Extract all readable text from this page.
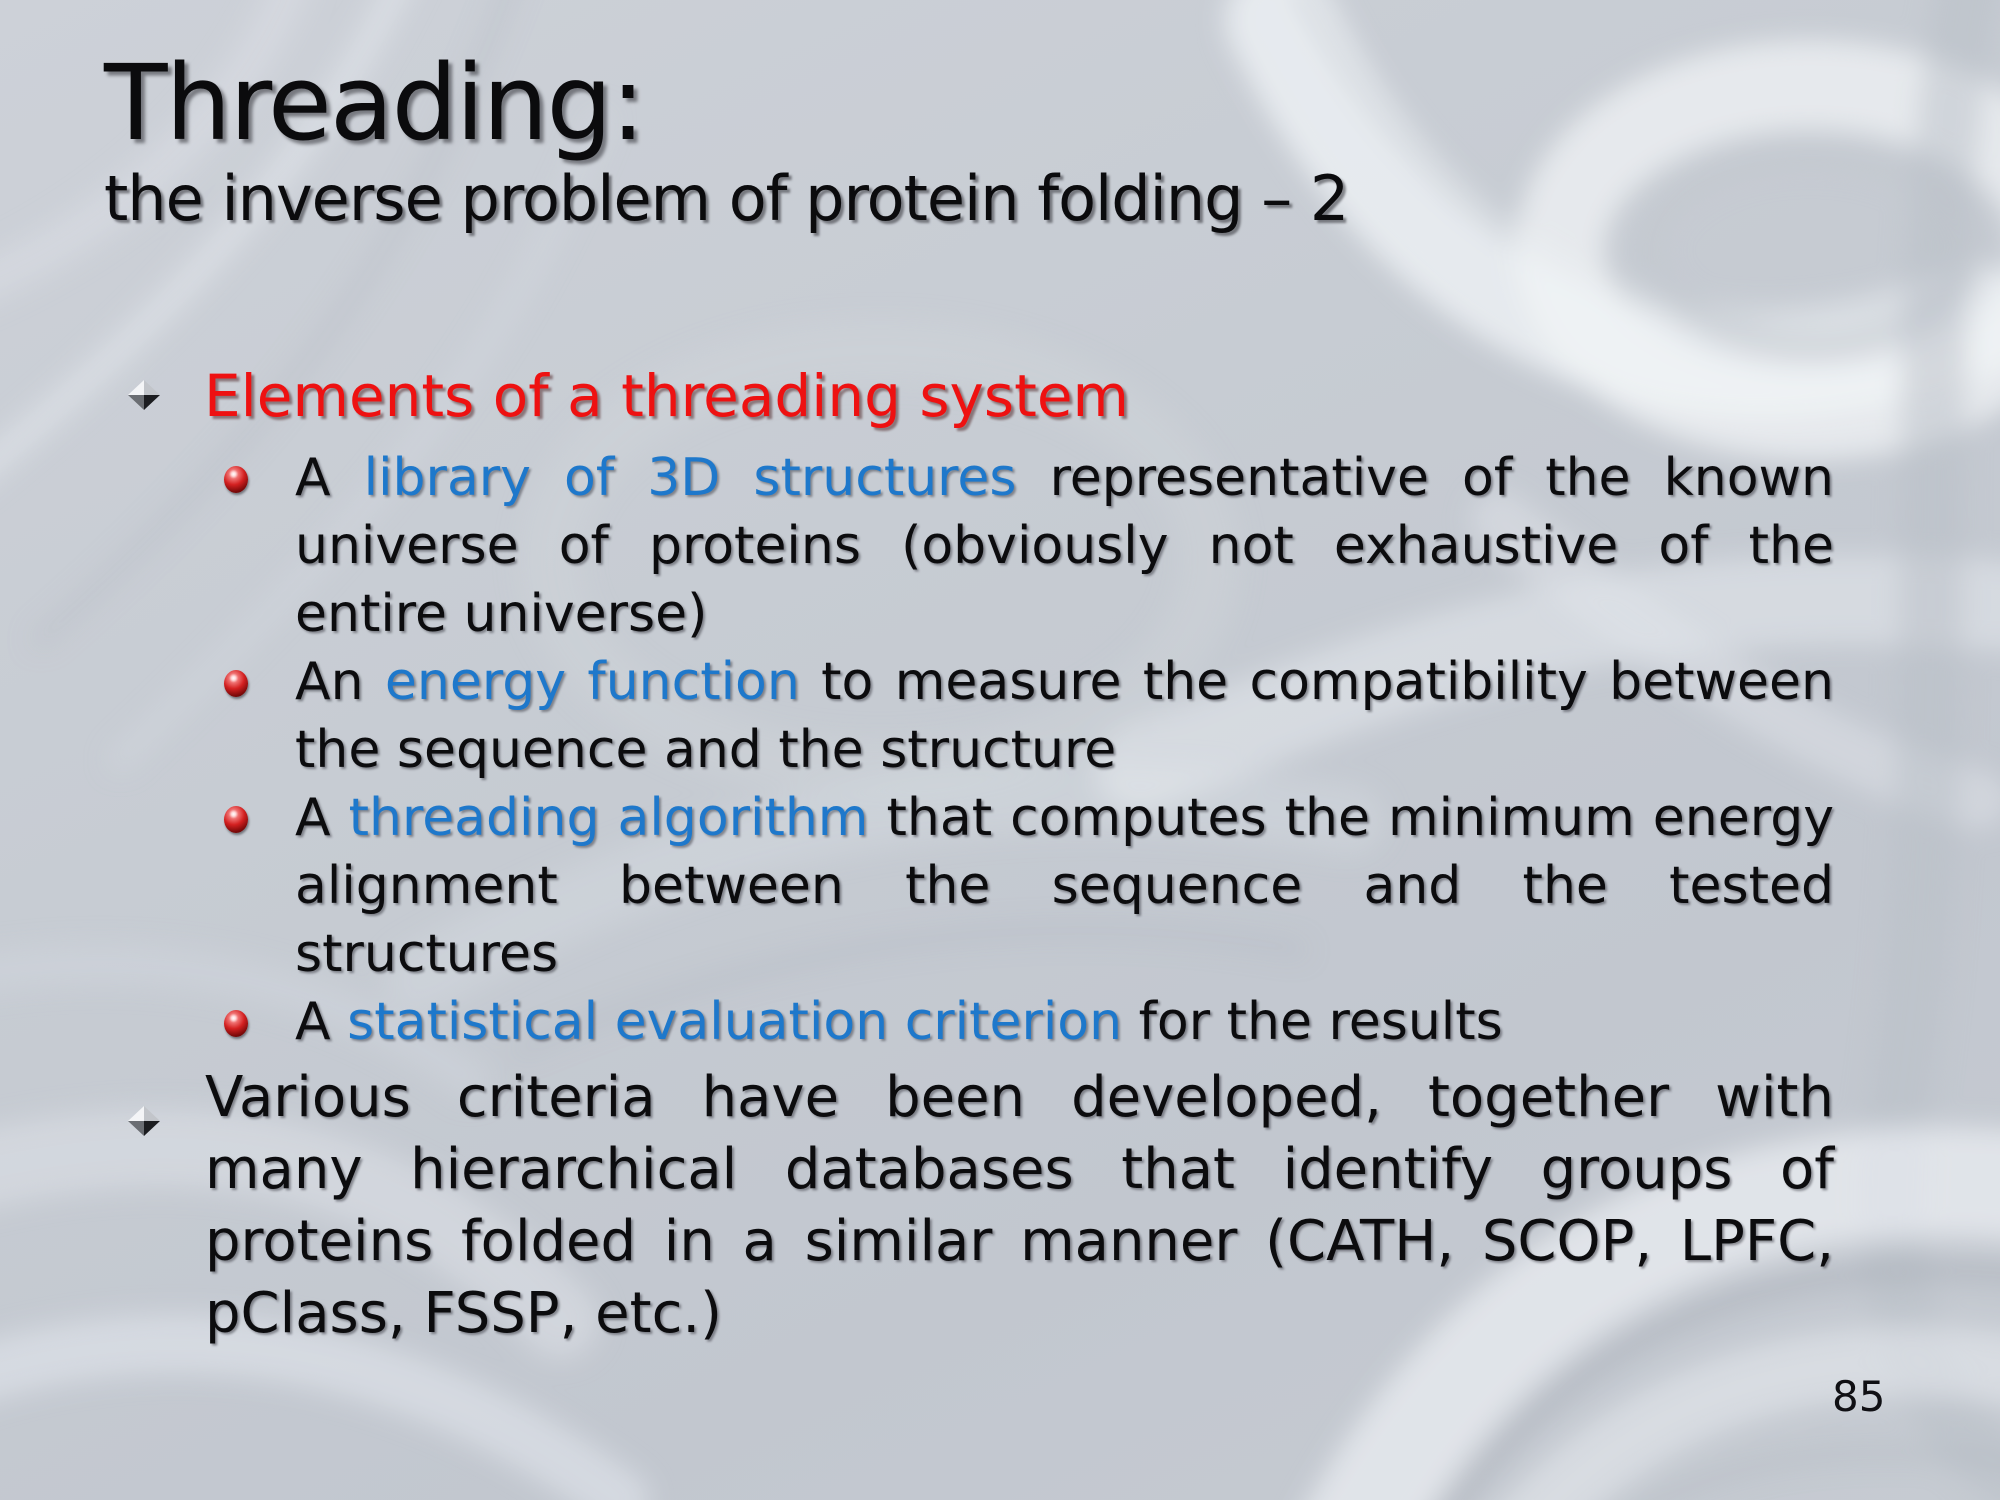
Threading:
the inverse problem of protein folding – 2
Elements of a threading system
A library of 3D structures representative of the known universe of proteins (obviously not exhaustive of the entire universe)
An energy function to measure the compatibility between the sequence and the structure
A threading algorithm that computes the minimum energy alignment between the sequence and the tested structures
A statistical evaluation criterion for the results
Various criteria have been developed, together with many hierarchical databases that identify groups of proteins folded in a similar manner (CATH, SCOP, LPFC, pClass, FSSP, etc.)
85
